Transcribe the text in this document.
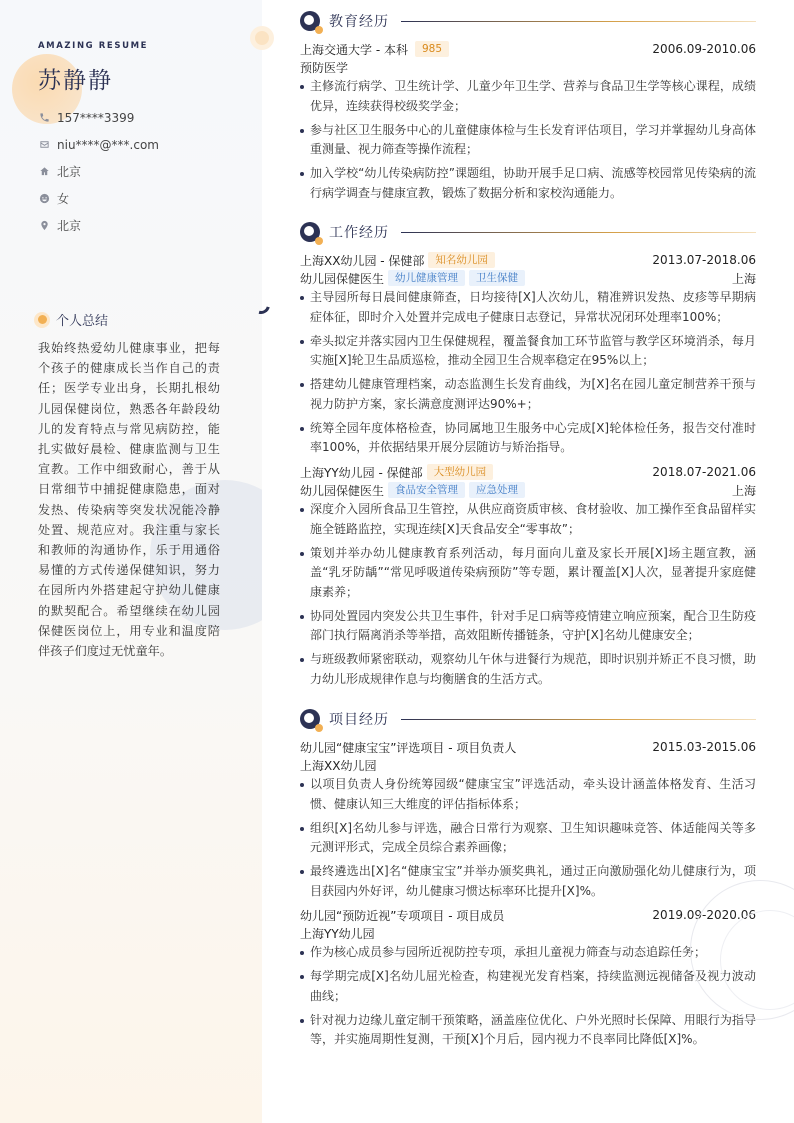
AMAZING RESUME
苏静静
157****3399
niu****@***.com
北京
女
北京
个人总结
我始终热爱幼儿健康事业，把每个孩子的健康成长当作自己的责任；医学专业出身，长期扎根幼儿园保健岗位，熟悉各年龄段幼儿的发育特点与常见病防控，能扎实做好晨检、健康监测与卫生宣教。工作中细致耐心，善于从日常细节中捕捉健康隐患，面对发热、传染病等突发状况能冷静处置、规范应对。我注重与家长和教师的沟通协作，乐于用通俗易懂的方式传递保健知识，努力在园所内外搭建起守护幼儿健康的默契配合。希望继续在幼儿园保健医岗位上，用专业和温度陪伴孩子们度过无忧童年。
教育经历
上海交通大学 - 本科	985	2006.09-2010.06
预防医学
主修流行病学、卫生统计学、儿童少年卫生学、营养与食品卫生学等核心课程，成绩优异，连续获得校级奖学金；
参与社区卫生服务中心的儿童健康体检与生长发育评估项目，学习并掌握幼儿身高体重测量、视力筛查等操作流程；
加入学校“幼儿传染病防控”课题组，协助开展手足口病、流感等校园常见传染病的流行病学调查与健康宣教，锻炼了数据分析和家校沟通能力。
工作经历
上海XX幼儿园 - 保健部	知名幼儿园	2013.07-2018.06
幼儿园保健医生	幼儿健康管理	卫生保健	上海
主导园所每日晨间健康筛查，日均接待[X]人次幼儿，精准辨识发热、皮疹等早期病症体征，即时介入处置并完成电子健康日志登记，异常状况闭环处理率100%；
牵头拟定并落实园内卫生保健规程，覆盖餐食加工环节监管与教学区环境消杀，每月实施[X]轮卫生品质巡检，推动全园卫生合规率稳定在95%以上；
搭建幼儿健康管理档案，动态监测生长发育曲线，为[X]名在园儿童定制营养干预与视力防护方案，家长满意度测评达90%+；
统筹全园年度体格检查，协同属地卫生服务中心完成[X]轮体检任务，报告交付准时率100%，并依据结果开展分层随访与矫治指导。
上海YY幼儿园 - 保健部	大型幼儿园	2018.07-2021.06
幼儿园保健医生	食品安全管理	应急处理	上海
深度介入园所食品卫生管控，从供应商资质审核、食材验收、加工操作至食品留样实施全链路监控，实现连续[X]天食品安全“零事故”；
策划并举办幼儿健康教育系列活动，每月面向儿童及家长开展[X]场主题宣教，涵盖“乳牙防龋”“常见呼吸道传染病预防”等专题，累计覆盖[X]人次，显著提升家庭健康素养；
协同处置园内突发公共卫生事件，针对手足口病等疫情建立响应预案，配合卫生防疫部门执行隔离消杀等举措，高效阻断传播链条，守护[X]名幼儿健康安全；
与班级教师紧密联动，观察幼儿午休与进餐行为规范，即时识别并矫正不良习惯，助力幼儿形成规律作息与均衡膳食的生活方式。
项目经历
幼儿园“健康宝宝”评选项目 - 项目负责人	2015.03-2015.06
上海XX幼儿园
以项目负责人身份统筹园级“健康宝宝”评选活动，牵头设计涵盖体格发育、生活习惯、健康认知三大维度的评估指标体系；
组织[X]名幼儿参与评选，融合日常行为观察、卫生知识趣味竞答、体适能闯关等多元测评形式，完成全员综合素养画像；
最终遴选出[X]名“健康宝宝”并举办颁奖典礼，通过正向激励强化幼儿健康行为，项目获园内外好评，幼儿健康习惯达标率环比提升[X]%。
幼儿园“预防近视”专项项目 - 项目成员	2019.09-2020.06
上海YY幼儿园
作为核心成员参与园所近视防控专项，承担儿童视力筛查与动态追踪任务；
每学期完成[X]名幼儿屈光检查，构建视光发育档案，持续监测远视储备及视力波动曲线；
针对视力边缘儿童定制干预策略，涵盖座位优化、户外光照时长保障、用眼行为指导等，并实施周期性复测，干预[X]个月后，园内视力不良率同比降低[X]%。
